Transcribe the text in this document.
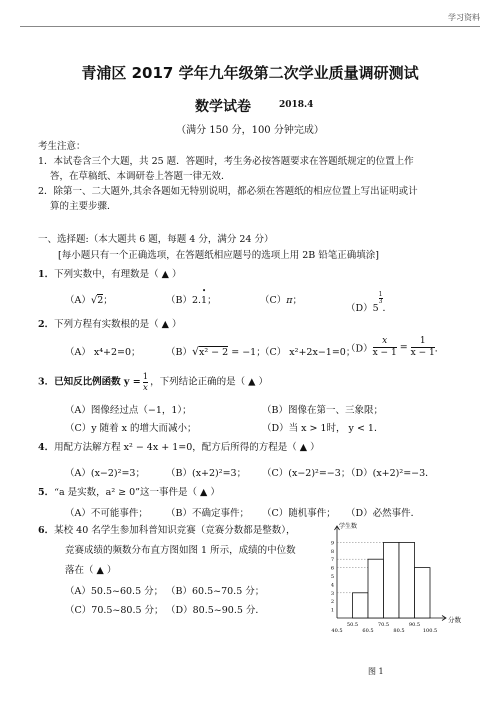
学习资料
青浦区 2017 学年九年级第二次学业质量调研测试
数学试卷	2018.4
（满分 150 分，100 分钟完成）
考生注意：
1．本试卷含三个大题，共 25 题．答题时，考生务必按答题要求在答题纸规定的位置上作
答，在草稿纸、本调研卷上答题一律无效．
2．除第一、二大题外,其余各题如无特别说明，都必须在答题纸的相应位置上写出证明或计
算的主要步骤．
一、选择题:（本大题共 6 题，每题 4 分，满分 24 分）
[每小题只有一个正确选项，在答题纸相应题号的选项上用 2B 铅笔正确填涂]
1．下列实数中，有理数是（ ▲ ）
（A）√2；	（B）2.1
•
；	（C）π；
（D）5
$\frac{1}{3}$
．
2．下列方程有实数根的是（ ▲ ）
（A） x⁴+2=0；	（B）√x² − 2 = −1；
（C） x²+2x−1=0；
$(D) \frac{x}{x - 1} = \frac{1}{x - 1}$ ．
3．已知反比例函数 $y = \frac{1}{x}$ ，下列结论正确的是（ ▲ ）
（A）图像经过点（−1，1）；	（B）图像在第一、三象限；
（C）y 随着 x 的增大而减小；	（D）当 x > 1时， y < 1．
4．用配方法解方程 x² − 4x + 1=0，配方后所得的方程是（ ▲ ）
（A）(x−2)²=3； （B）(x+2)²=3； （C）(x−2)²=−3；
（D）(x+2)²=−3．
5．“a 是实数，a² ≥ 0”这一事件是（ ▲ ）
（A）不可能事件； （B）不确定事件； （C）随机事件； （D）必然事件．
6．某校 40 名学生参加科普知识竞赛（竞赛分数都是整数），
竞赛成绩的频数分布直方图如图 1 所示，成绩的中位数
落在（ ▲ ）
（A）50.5~60.5 分； （B）60.5~70.5 分；
（C）70.5~80.5 分； （D）80.5~90.5 分．
学生数
分数
1
2
3
4
5
6
7
8
9
40.5
50.5
60.5
70.5
80.5
90.5
100.5
图 1
